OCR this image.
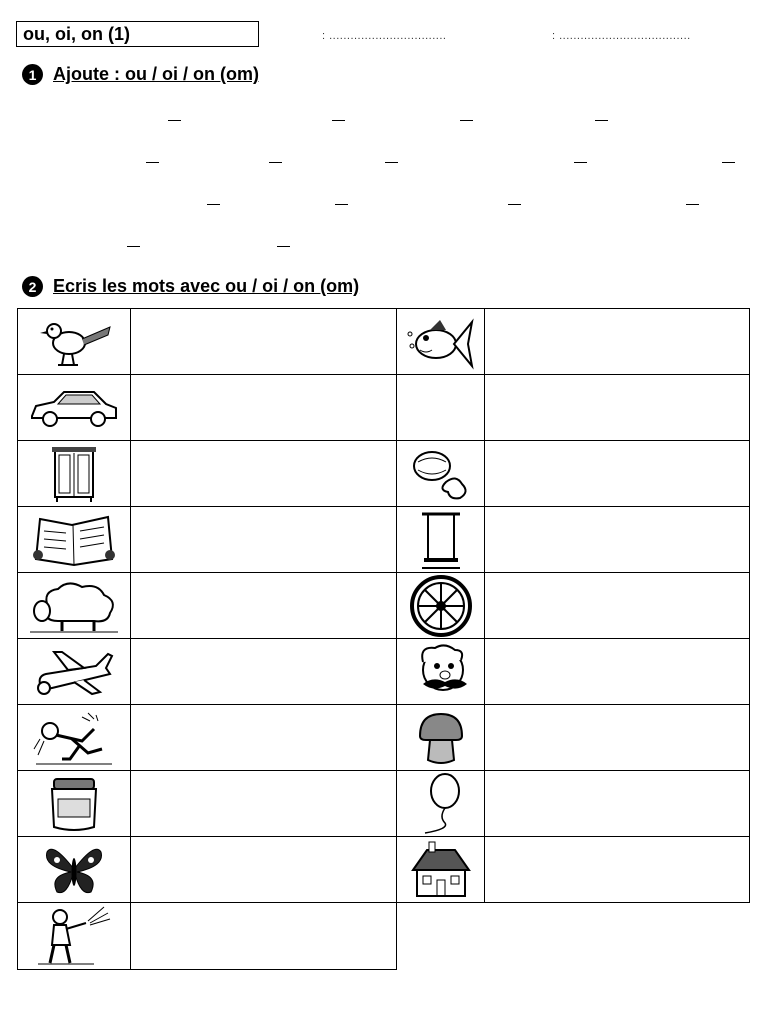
ou, oi, on (1)	: .................................	: .....................................
1 Ajoute : ou / oi / on (om)
2 Ecris les mots avec ou / oi / on (om)
